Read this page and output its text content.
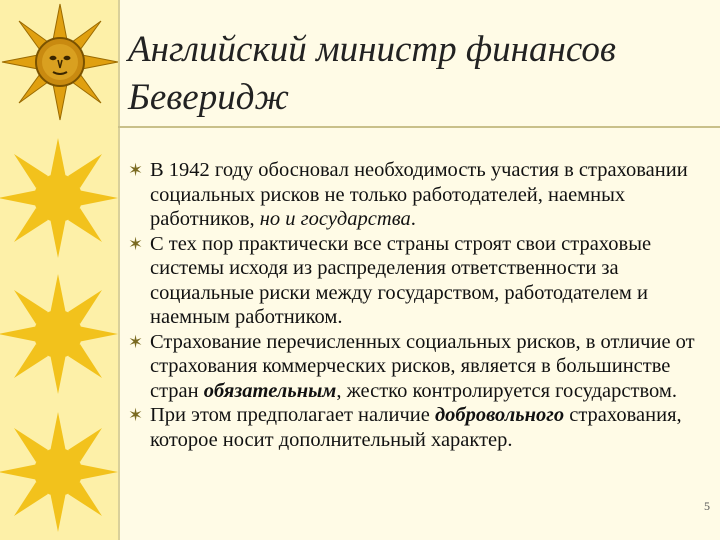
Английский министр финансов
Беверидж
✶ В 1942 году обосновал необходимость участия в страховании социальных рисков не только работодателей, наемных работников, но и государства.
✶ С тех пор практически все страны строят свои страховые системы исходя из распределения ответственности за социальные риски между государством, работодателем и наемным работником.
✶ Страхование перечисленных социальных рисков, в отличие от страхования коммерческих рисков, является в большинстве стран обязательным, жестко контролируется государством.
✶ При этом предполагает наличие добровольного страхования, которое носит дополнительный характер.
5
